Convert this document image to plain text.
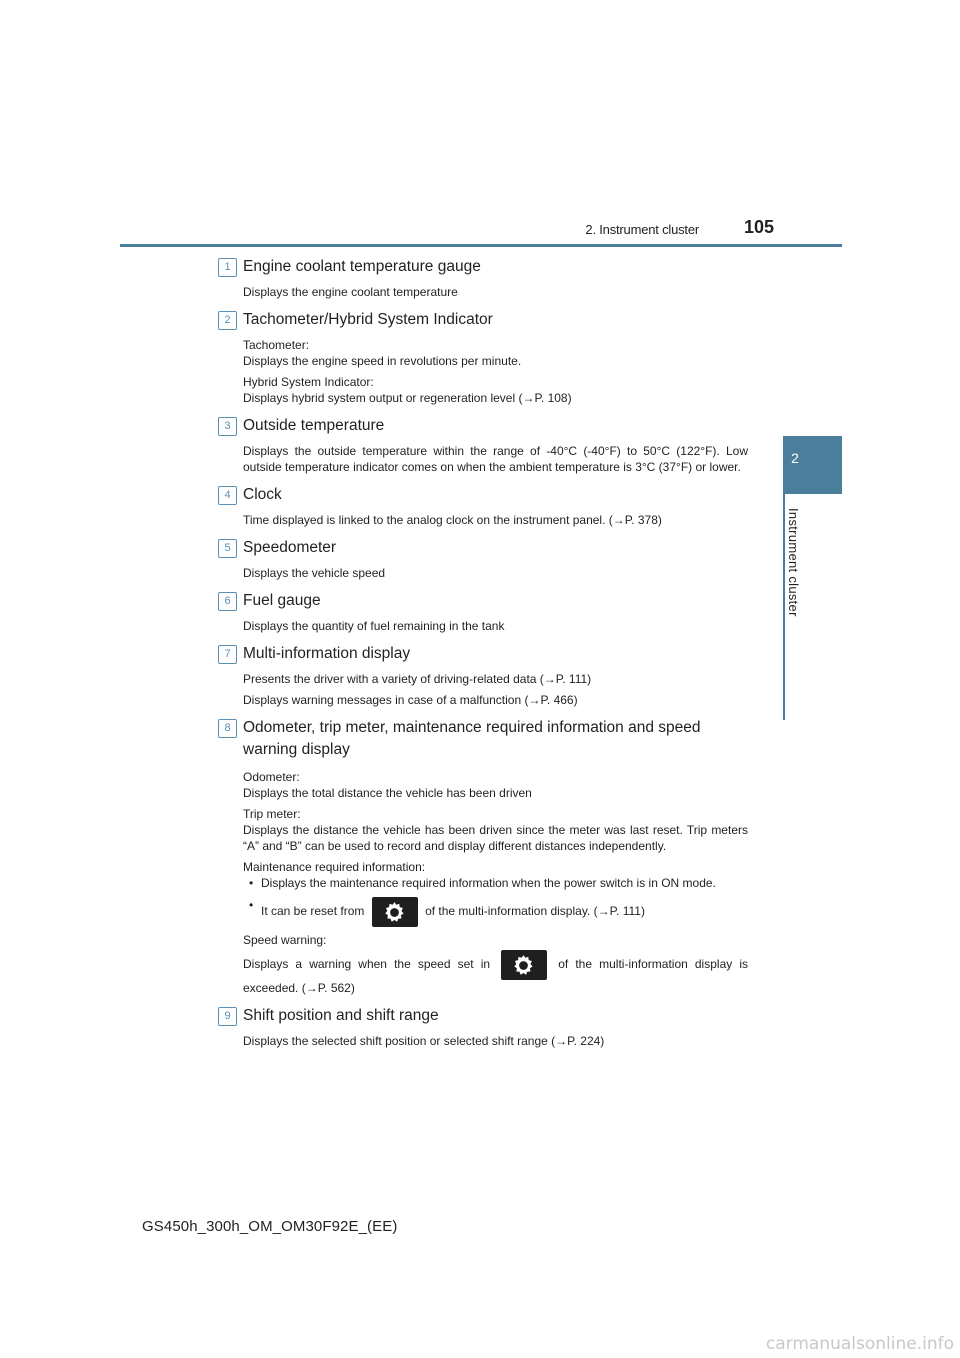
2. Instrument cluster 105
2
Instrument cluster
1 Engine coolant temperature gauge

Displays the engine coolant temperature

2 Tachometer/Hybrid System Indicator

Tachometer:

Displays the engine speed in revolutions per minute.

Hybrid System Indicator:

Displays hybrid system output or regeneration level (→P. 108)

3 Outside temperature

Displays the outside temperature within the range of -40°C (-40°F) to 50°C (122°F). Low outside temperature indicator comes on when the ambient temperature is 3°C (37°F) or lower.

4 Clock

Time displayed is linked to the analog clock on the instrument panel. (→P. 378)

5 Speedometer

Displays the vehicle speed

6 Fuel gauge

Displays the quantity of fuel remaining in the tank

7 Multi-information display

Presents the driver with a variety of driving-related data (→P. 111)

Displays warning messages in case of a malfunction (→P. 466)

8 Odometer, trip meter, maintenance required information and speed warning display

Odometer:

Displays the total distance the vehicle has been driven

Trip meter:

Displays the distance the vehicle has been driven since the meter was last reset. Trip meters “A” and “B” can be used to record and display different distances independently.

Maintenance required information:

• Displays the maintenance required information when the power switch is in ON mode.
• It can be reset from	of the multi-information display. (→P. 111)

Speed warning:

Displays a warning when the speed set in	of the multi-information display is exceeded. (→P. 562)
9 Shift position and shift range

Displays the selected shift position or selected shift range (→P. 224)

GS450h_300h_OM_OM30F92E_(EE)
carmanualsonline.info
